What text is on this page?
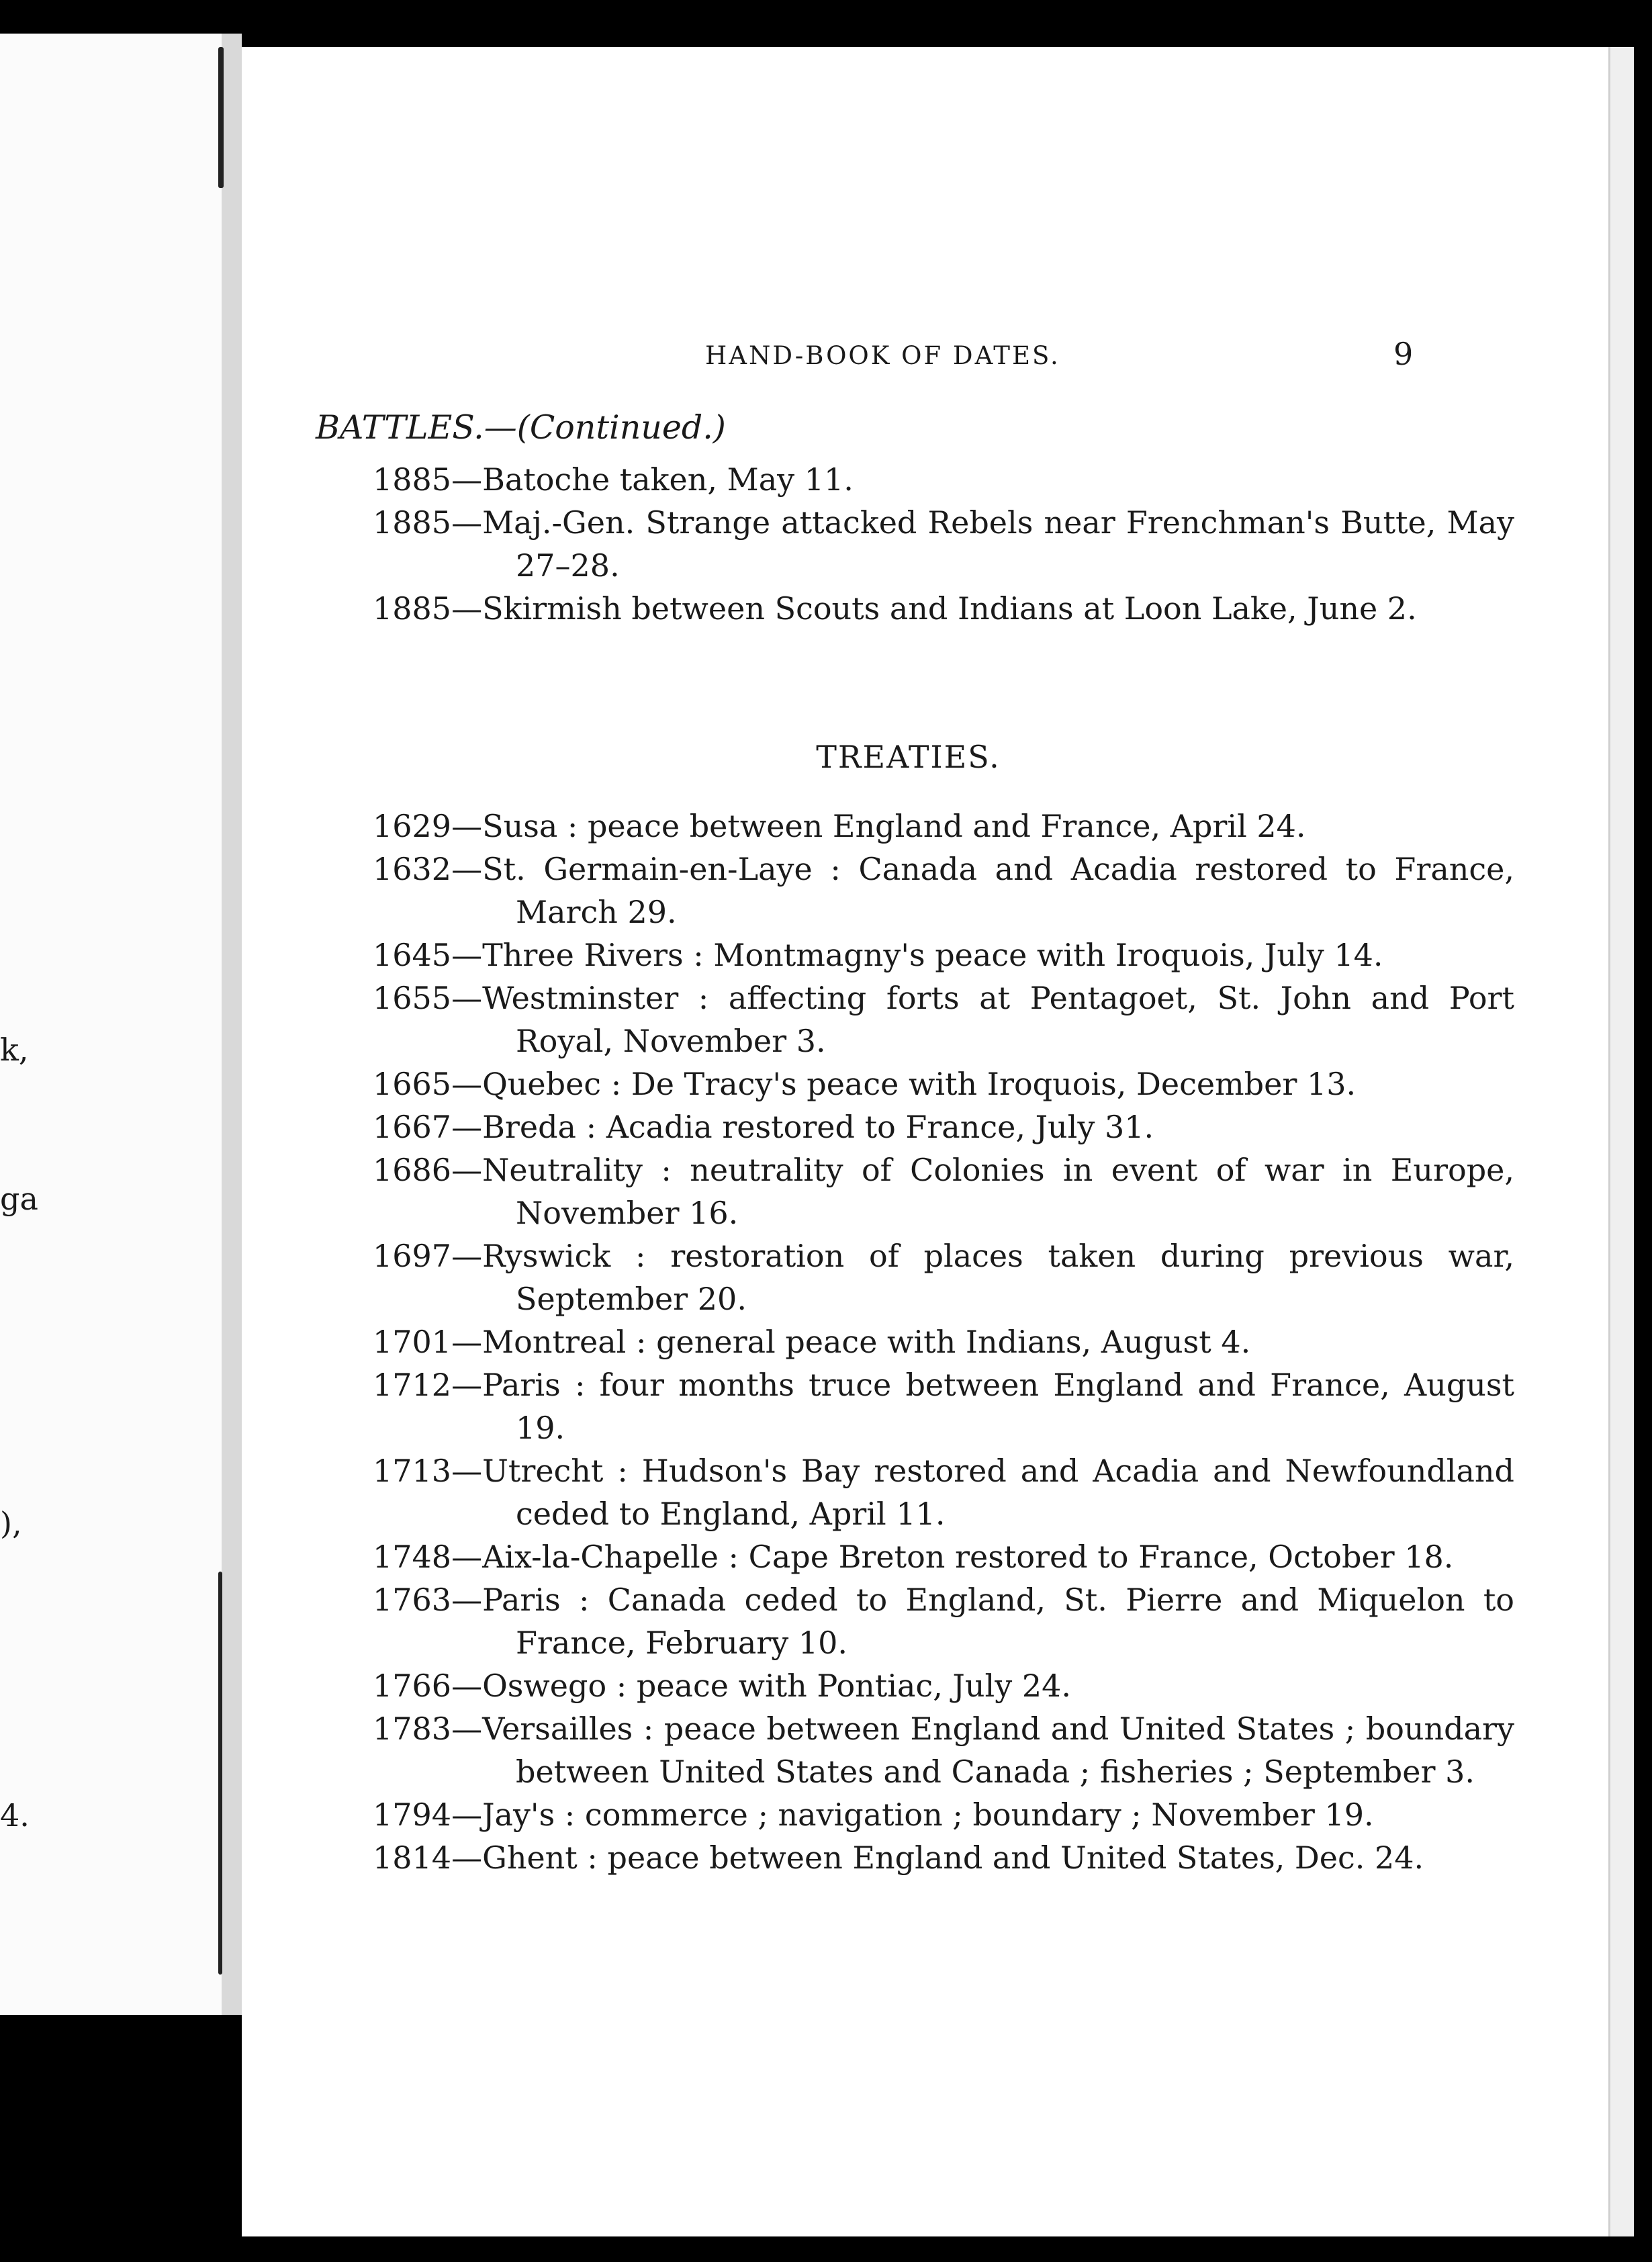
k,
ga
),
4.
HAND-BOOK OF DATES.	9
BATTLES.—(Continued.)

1885—Batoche taken, May 11.

1885—Maj.-Gen. Strange attacked Rebels near Frenchman's Butte, May 27–28.

1885—Skirmish between Scouts and Indians at Loon Lake, June 2.

TREATIES.

1629—Susa : peace between England and France, April 24.

1632—St. Germain-en-Laye : Canada and Acadia restored to France, March 29.

1645—Three Rivers : Montmagny's peace with Iroquois, July 14.

1655—Westminster : affecting forts at Pentagoet, St. John and Port Royal, November 3.

1665—Quebec : De Tracy's peace with Iroquois, December 13.

1667—Breda : Acadia restored to France, July 31.

1686—Neutrality : neutrality of Colonies in event of war in Europe, November 16.

1697—Ryswick : restoration of places taken during previous war, September 20.

1701—Montreal : general peace with Indians, August 4.

1712—Paris : four months truce between England and France, August 19.

1713—Utrecht : Hudson's Bay restored and Acadia and Newfoundland ceded to England, April 11.

1748—Aix-la-Chapelle : Cape Breton restored to France, October 18.

1763—Paris : Canada ceded to England, St. Pierre and Miquelon to France, February 10.

1766—Oswego : peace with Pontiac, July 24.

1783—Versailles : peace between England and United States ; boundary between United States and Canada ; fisheries ; September 3.

1794—Jay's : commerce ; navigation ; boundary ; November 19.

1814—Ghent : peace between England and United States, Dec. 24.
